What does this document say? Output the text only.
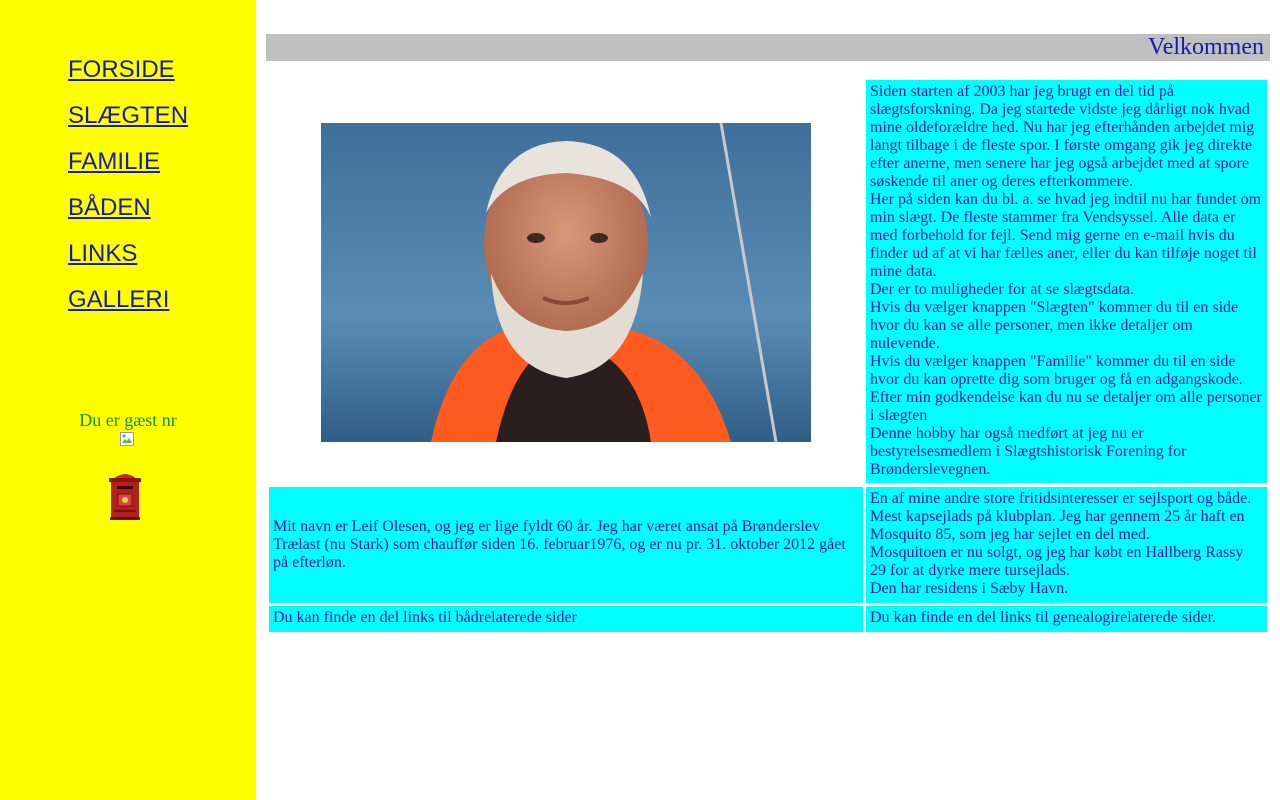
FORSIDE
SLÆGTEN
FAMILIE
BÅDEN
LINKS
GALLERI
Du er gæst nr
Velkommen

Siden starten af 2003 har jeg brugt en del tid på slægtsforskning. Da jeg startede vidste jeg dårligt nok hvad mine oldeforældre hed. Nu har jeg efterhånden arbejdet mig langt tilbage i de fleste spor. I første omgang gik jeg direkte efter anerne, men senere har jeg også arbejdet med at spore søskende til aner og deres efterkommere.

Her på siden kan du bl. a. se hvad jeg indtil nu har fundet om min slægt. De fleste stammer fra Vendsyssel. Alle data er med forbehold for fejl. Send mig gerne en e-mail hvis du finder ud af at vi har fælles aner, eller du kan tilføje noget til mine data.

Der er to muligheder for at se slægtsdata.

Hvis du vælger knappen "Slægten" kommer du til en side hvor du kan se alle personer, men ikke detaljer om nulevende.

Hvis du vælger knappen "Familie" kommer du til en side hvor du kan oprette dig som bruger og få en adgangskode. Efter min godkendelse kan du nu se detaljer om alle personer i slægten

Denne hobby har også medført at jeg nu er bestyrelsesmedlem i Slægtshistorisk Forening for Brønderslevegnen.

Mit navn er Leif Olesen, og jeg er lige fyldt 60 år. Jeg har været ansat på Brønderslev Trælast (nu Stark) som chauffør siden 16. februar1976, og er nu pr. 31. oktober 2012 gået på efterløn.

En af mine andre store fritidsinteresser er sejlsport og både. Mest kapsejlads på klubplan. Jeg har gennem 25 år haft en Mosquito 85, som jeg har sejlet en del med.

Mosquitoen er nu solgt, og jeg har købt en Hallberg Rassy 29 for at dyrke mere tursejlads.

Den har residens i Sæby Havn.

Du kan finde en del links til bådrelaterede sider	Du kan finde en del links til genealogirelaterede sider.
